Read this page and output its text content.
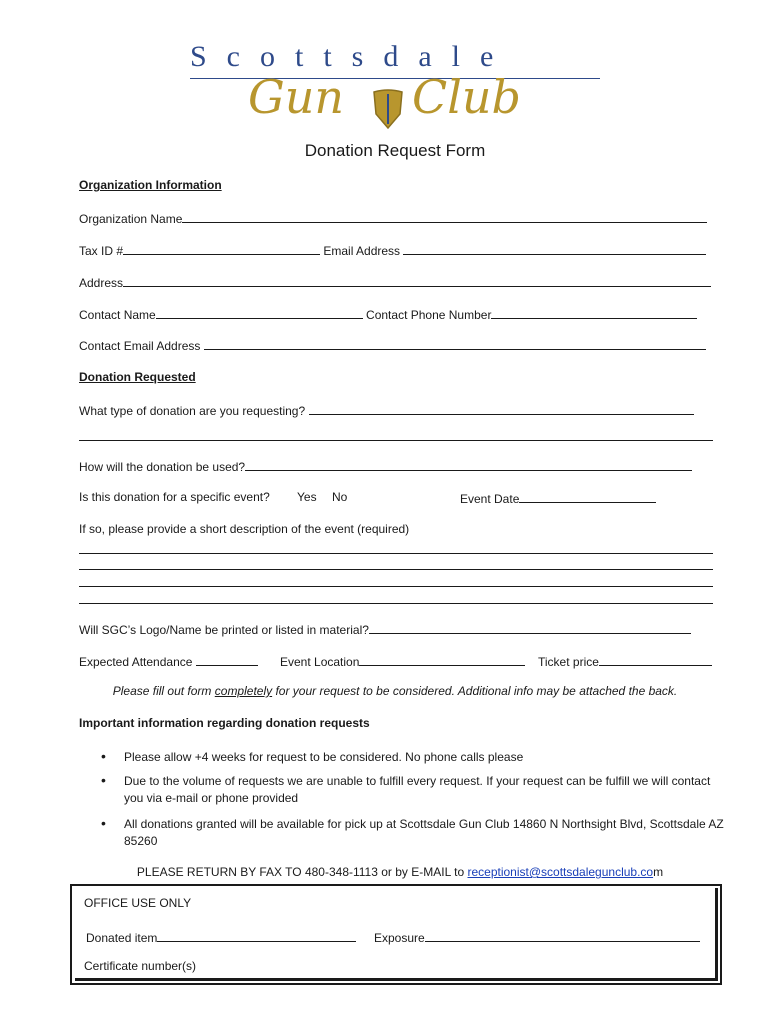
Scottsdale
Gun Club
Donation Request Form
Organization Information
Organization Name
Tax ID #	Email Address
Address
Contact Name	Contact Phone Number
Contact Email Address
Donation Requested
What type of donation are you requesting?
How will the donation be used?
Is this donation for a specific event? Yes No	Event Date
If so, please provide a short description of the event (required)
Will SGC’s Logo/Name be printed or listed in material?
Expected Attendance	Event Location	Ticket price
Please fill out form completely for your request to be considered. Additional info may be attached the back.
Important information regarding donation requests
• Please allow +4 weeks for request to be considered. No phone calls please
• Due to the volume of requests we are unable to fulfill every request. If your request can be fulfill we will contact you via e-mail or phone provided
• All donations granted will be available for pick up at Scottsdale Gun Club 14860 N Northsight Blvd, Scottsdale AZ 85260
PLEASE RETURN BY FAX TO 480-348-1113 or by E-MAIL to receptionist@scottsdalegunclub.com
OFFICE USE ONLY
Donated item	Exposure
Certificate number(s)
